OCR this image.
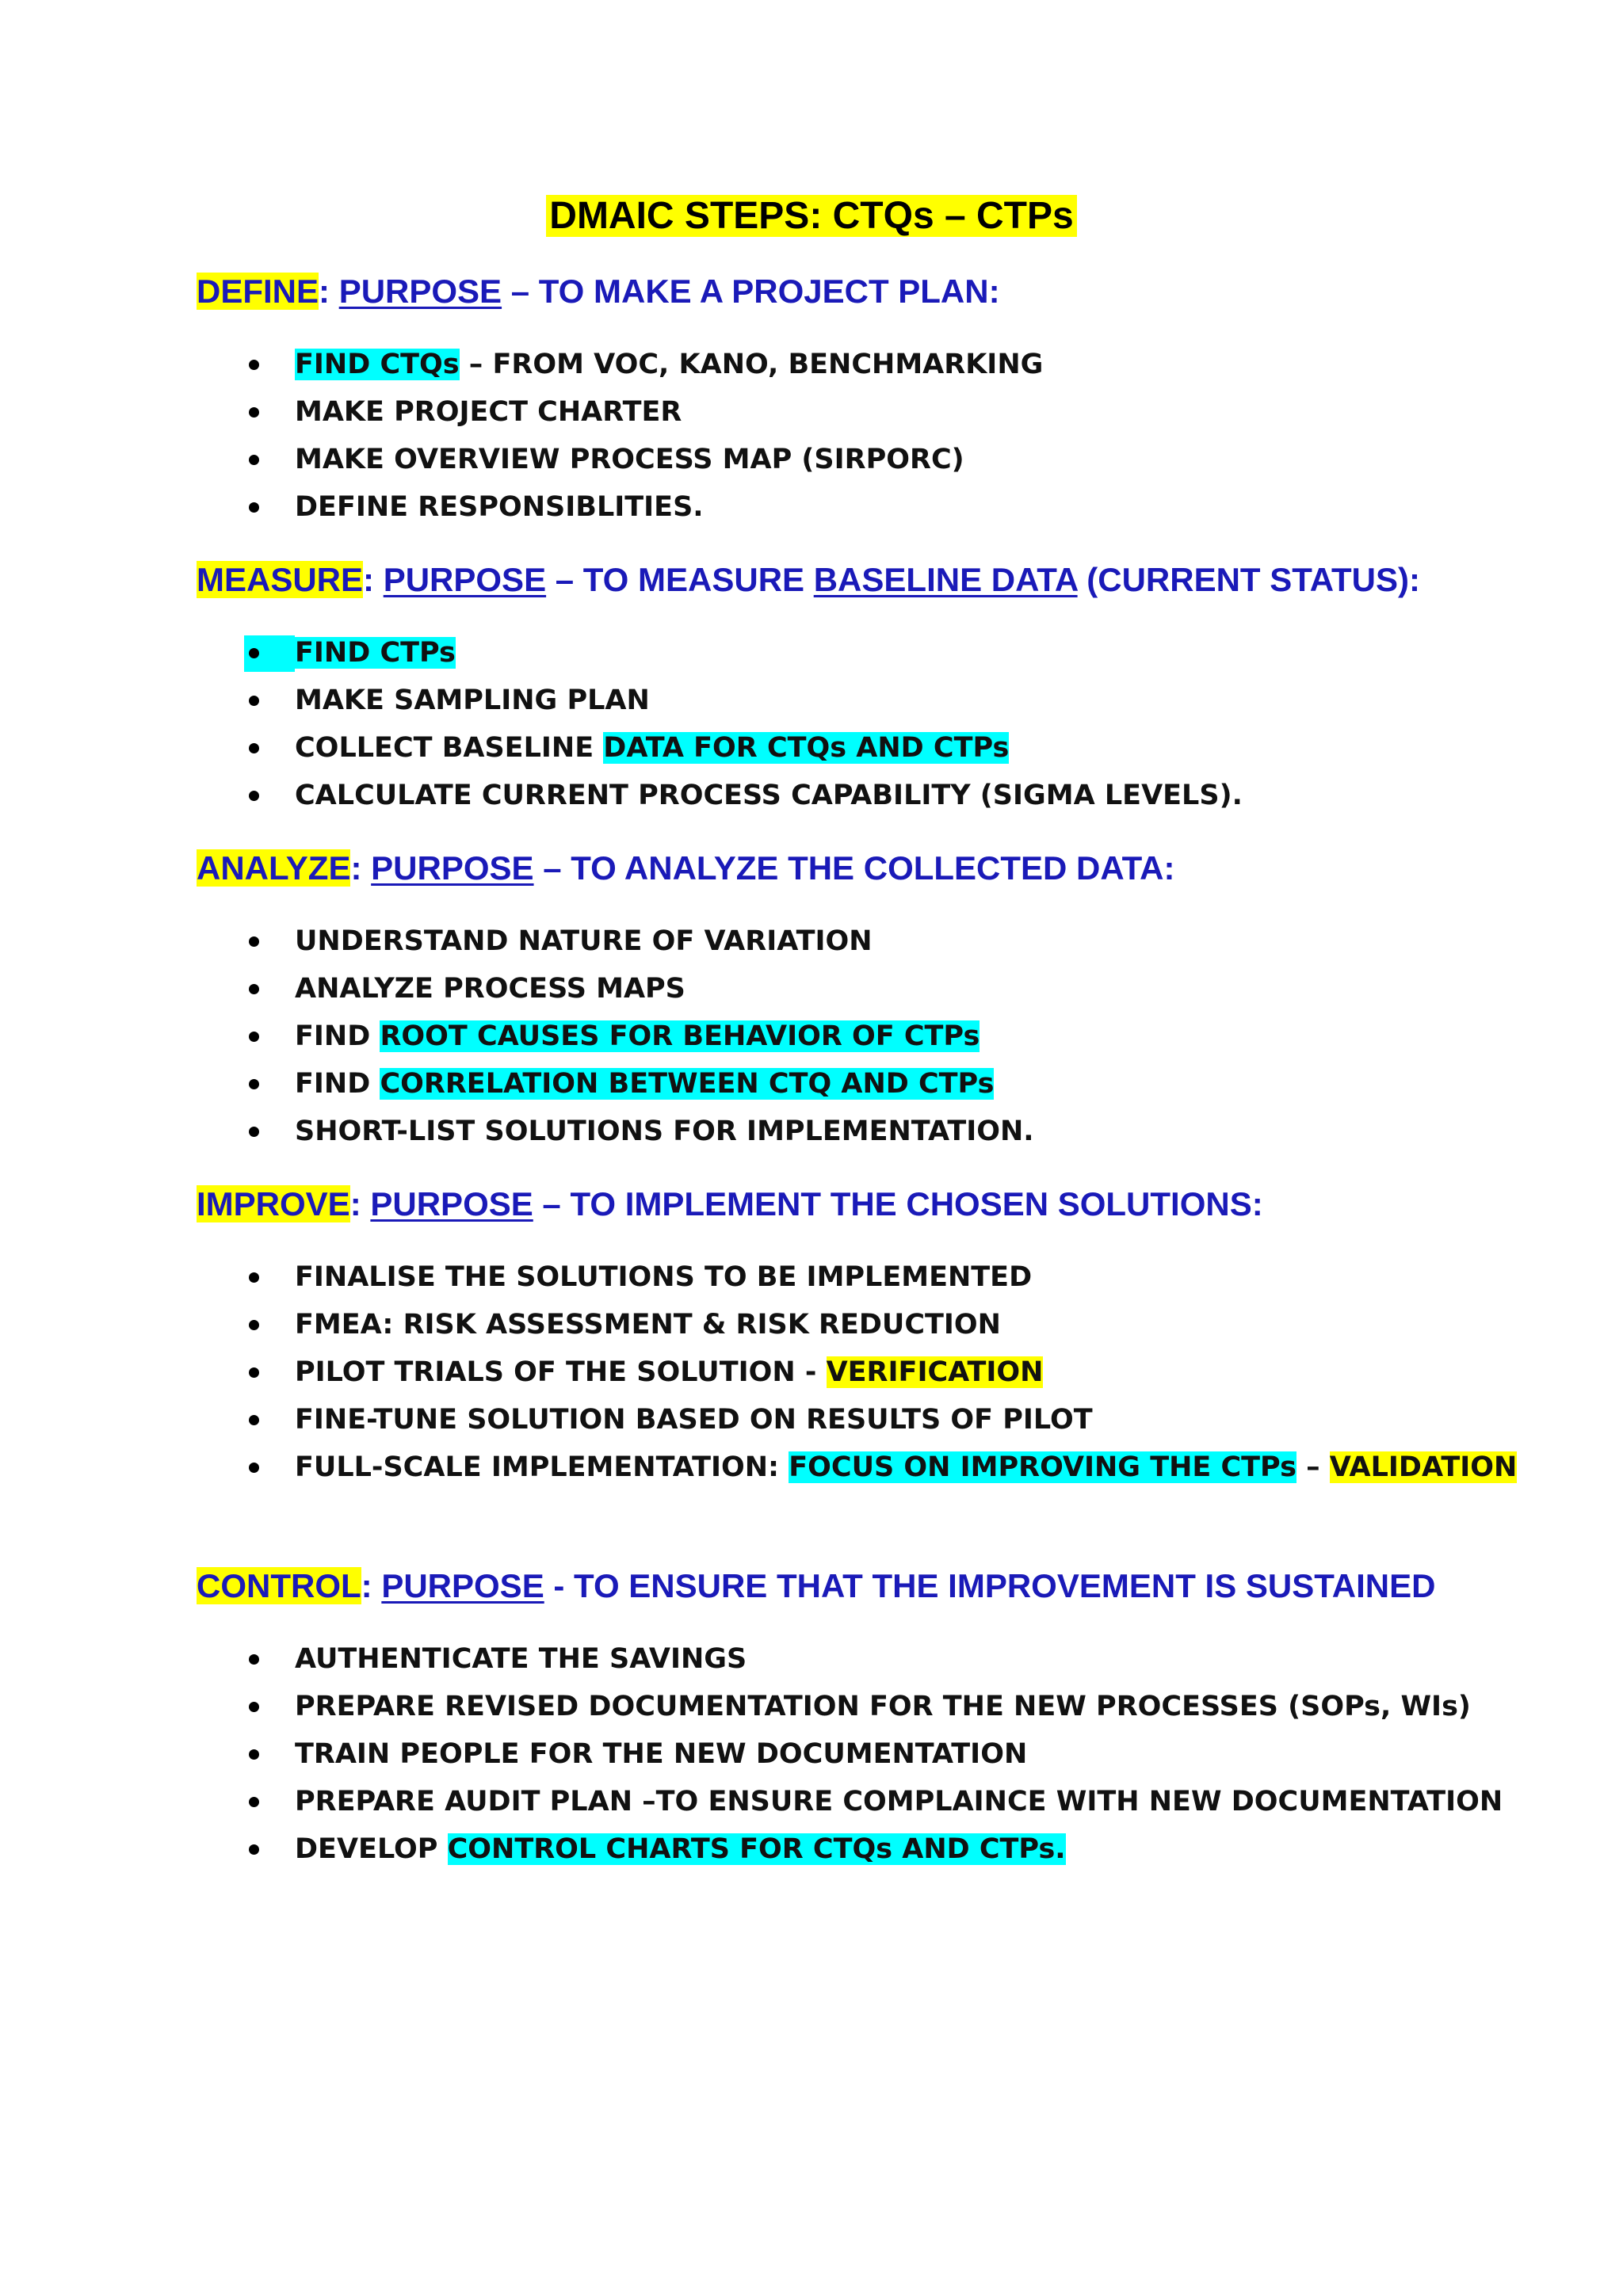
DMAIC STEPS: CTQs – CTPs
DEFINE: PURPOSE – TO MAKE A PROJECT PLAN:
FIND CTQs – FROM VOC, KANO, BENCHMARKING
MAKE PROJECT CHARTER
MAKE OVERVIEW PROCESS MAP (SIRPORC)
DEFINE RESPONSIBLITIES.
MEASURE: PURPOSE – TO MEASURE BASELINE DATA (CURRENT STATUS):
FIND CTPs
MAKE SAMPLING PLAN
COLLECT BASELINE DATA FOR CTQs AND CTPs
CALCULATE CURRENT PROCESS CAPABILITY (SIGMA LEVELS).
ANALYZE: PURPOSE – TO ANALYZE THE COLLECTED DATA:
UNDERSTAND NATURE OF VARIATION
ANALYZE PROCESS MAPS
FIND ROOT CAUSES FOR BEHAVIOR OF CTPs
FIND CORRELATION BETWEEN CTQ AND CTPs
SHORT-LIST SOLUTIONS FOR IMPLEMENTATION.
IMPROVE: PURPOSE – TO IMPLEMENT THE CHOSEN SOLUTIONS:
FINALISE THE SOLUTIONS TO BE IMPLEMENTED
FMEA: RISK ASSESSMENT & RISK REDUCTION
PILOT TRIALS OF THE SOLUTION - VERIFICATION
FINE-TUNE SOLUTION BASED ON RESULTS OF PILOT
FULL-SCALE IMPLEMENTATION: FOCUS ON IMPROVING THE CTPs – VALIDATION
CONTROL: PURPOSE - TO ENSURE THAT THE IMPROVEMENT IS SUSTAINED
AUTHENTICATE THE SAVINGS
PREPARE REVISED DOCUMENTATION FOR THE NEW PROCESSES (SOPs, WIs)
TRAIN PEOPLE FOR THE NEW DOCUMENTATION
PREPARE AUDIT PLAN –TO ENSURE COMPLAINCE WITH NEW DOCUMENTATION
DEVELOP CONTROL CHARTS FOR CTQs AND CTPs.
